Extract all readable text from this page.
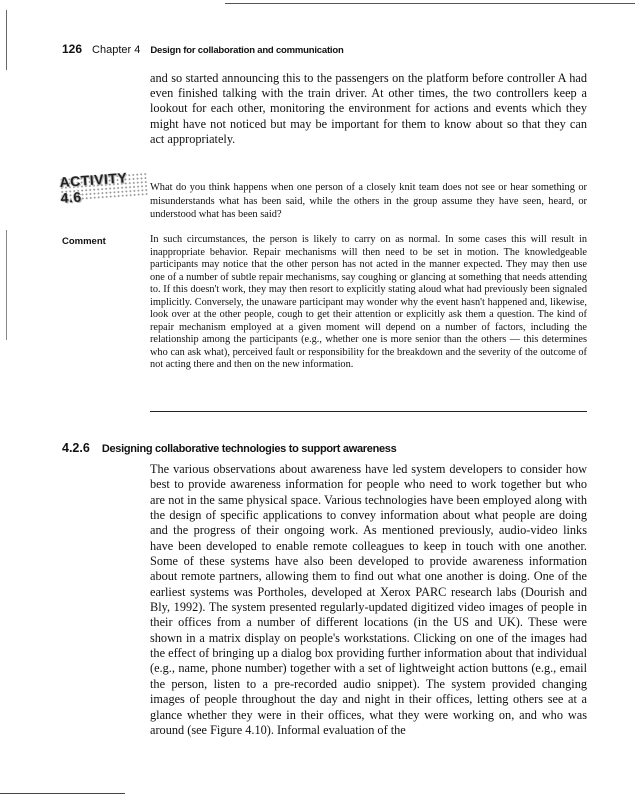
126 Chapter 4 Design for collaboration and communication

and so started announcing this to the passengers on the platform before controller A had even finished talking with the train driver. At other times, the two controllers keep a lookout for each other, monitoring the environment for actions and events which they might have not noticed but may be important for them to know about so that they can act appropriately.

ACTIVITY 4.6

What do you think happens when one person of a closely knit team does not see or hear something or misunderstands what has been said, while the others in the group assume they have seen, heard, or understood what has been said?

Comment	In such circumstances, the person is likely to carry on as normal. In some cases this will result in inappropriate behavior. Repair mechanisms will then need to be set in motion. The knowledgeable participants may notice that the other person has not acted in the manner expected. They may then use one of a number of subtle repair mechanisms, say coughing or glancing at something that needs attending to. If this doesn't work, they may then resort to explicitly stating aloud what had previously been signaled implicitly. Conversely, the unaware participant may wonder why the event hasn't happened and, likewise, look over at the other people, cough to get their attention or explicitly ask them a question. The kind of repair mechanism employed at a given moment will depend on a number of factors, including the relationship among the participants (e.g., whether one is more senior than the others — this determines who can ask what), perceived fault or responsibility for the breakdown and the severity of the outcome of not acting there and then on the new information.

4.2.6 Designing collaborative technologies to support awareness

The various observations about awareness have led system developers to consider how best to provide awareness information for people who need to work together but who are not in the same physical space. Various technologies have been employed along with the design of specific applications to convey information about what people are doing and the progress of their ongoing work. As mentioned previously, audio-video links have been developed to enable remote colleagues to keep in touch with one another. Some of these systems have also been developed to provide awareness information about remote partners, allowing them to find out what one another is doing. One of the earliest systems was Portholes, developed at Xerox PARC research labs (Dourish and Bly, 1992). The system presented regularly-updated digitized video images of people in their offices from a number of different locations (in the US and UK). These were shown in a matrix display on people's workstations. Clicking on one of the images had the effect of bringing up a dialog box providing further information about that individual (e.g., name, phone number) together with a set of lightweight action buttons (e.g., email the person, listen to a pre-recorded audio snippet). The system provided changing images of people throughout the day and night in their offices, letting others see at a glance whether they were in their offices, what they were working on, and who was around (see Figure 4.10). Informal evaluation of the
